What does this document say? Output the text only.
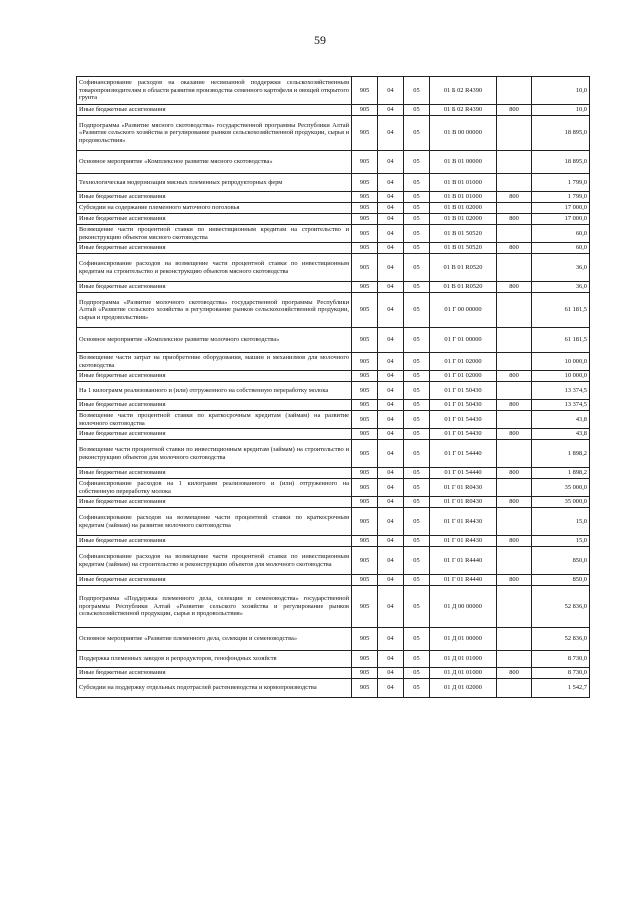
59
Софинансирование расходов на оказание несвязанной поддержки сельскохозяйственным товаропроизводителям в области развития производства семенного картофеля и овощей открытого грунта	905	04	05	01 Б 02 R4390		10,0
Иные бюджетные ассигнования	905	04	05	01 Б 02 R4390	800	10,0
Подпрограмма «Развитие мясного скотоводства» государственной программы Республики Алтай «Развитие сельского хозяйства и регулирование рынков сельскохозяйственной продукции, сырья и продовольствия»	905	04	05	01 В 00 00000		18 895,0
Основное мероприятие «Комплексное развитие мясного скотоводства»	905	04	05	01 В 01 00000		18 895,0
Технологическая модернизация мясных племенных репродукторных ферм	905	04	05	01 В 01 01000		1 799,0
Иные бюджетные ассигнования	905	04	05	01 В 01 01000	800	1 799,0
Субсидии на содержание племенного маточного поголовья	905	04	05	01 В 01 02000		17 000,0
Иные бюджетные ассигнования	905	04	05	01 В 01 02000	800	17 000,0
Возмещение части процентной ставки по инвестиционным кредитам на строительство и реконструкцию объектов мясного скотоводства	905	04	05	01 В 01 50520		60,0
Иные бюджетные ассигнования	905	04	05	01 В 01 50520	800	60,0
Софинансирование расходов на возмещение части процентной ставки по инвестиционным кредитам на строительство и реконструкцию объектов мясного скотоводства	905	04	05	01 В 01 R0520		36,0
Иные бюджетные ассигнования	905	04	05	01 В 01 R0520	800	36,0
Подпрограмма «Развитие молочного скотоводства» государственной программы Республики Алтай «Развитие сельского хозяйства и регулирование рынков сельскохозяйственной продукции, сырья и продовольствия»	905	04	05	01 Г 00 00000		61 181,5
Основное мероприятие «Комплексное развитие молочного скотоводства»	905	04	05	01 Г 01 00000		61 181,5
Возмещение части затрат на приобретение оборудования, машин и механизмов для молочного скотоводства	905	04	05	01 Г 01 02000		10 000,0
Иные бюджетные ассигнования	905	04	05	01 Г 01 02000	800	10 000,0
На 1 килограмм реализованного и (или) отгруженного на собственную переработку молока	905	04	05	01 Г 01 50430		13 374,5
Иные бюджетные ассигнования	905	04	05	01 Г 01 50430	800	13 374,5
Возмещение части процентной ставки по краткосрочным кредитам (займам) на развитие молочного скотоводства	905	04	05	01 Г 01 54430		43,8
Иные бюджетные ассигнования	905	04	05	01 Г 01 54430	800	43,8
Возмещение части процентной ставки по инвестиционным кредитам (займам) на строительство и реконструкцию объектов для молочного скотоводства	905	04	05	01 Г 01 54440		1 898,2
Иные бюджетные ассигнования	905	04	05	01 Г 01 54440	800	1 898,2
Софинансирование расходов на 1 килограмм реализованного и (или) отгруженного на собственную переработку молока	905	04	05	01 Г 01 R0430		35 000,0
Иные бюджетные ассигнования	905	04	05	01 Г 01 R0430	800	35 000,0
Софинансирование расходов на возмещение части процентной ставки по краткосрочным кредитам (займам) на развитие молочного скотоводства	905	04	05	01 Г 01 R4430		15,0
Иные бюджетные ассигнования	905	04	05	01 Г 01 R4430	800	15,0
Софинансирование расходов на возмещение части процентной ставки по инвестиционным кредитам (займам) на строительство и реконструкцию объектов для молочного скотоводства	905	04	05	01 Г 01 R4440		850,0
Иные бюджетные ассигнования	905	04	05	01 Г 01 R4440	800	850,0
Подпрограмма «Поддержка племенного дела, селекции и семеноводства» государственной программы Республики Алтай «Развитие сельского хозяйства и регулирование рынков сельскохозяйственной продукции, сырья и продовольствия»	905	04	05	01 Д 00 00000		52 836,0
Основное мероприятие «Развитие племенного дела, селекции и семеноводства»	905	04	05	01 Д 01 00000		52 836,0
Поддержка племенных заводов и репродукторов, генофондных хозяйств	905	04	05	01 Д 01 01000		8 730,0
Иные бюджетные ассигнования	905	04	05	01 Д 01 01000	800	8 730,0
Субсидии на поддержку отдельных подотраслей растениеводства и кормопроизводства	905	04	05	01 Д 01 02000		1 542,7
